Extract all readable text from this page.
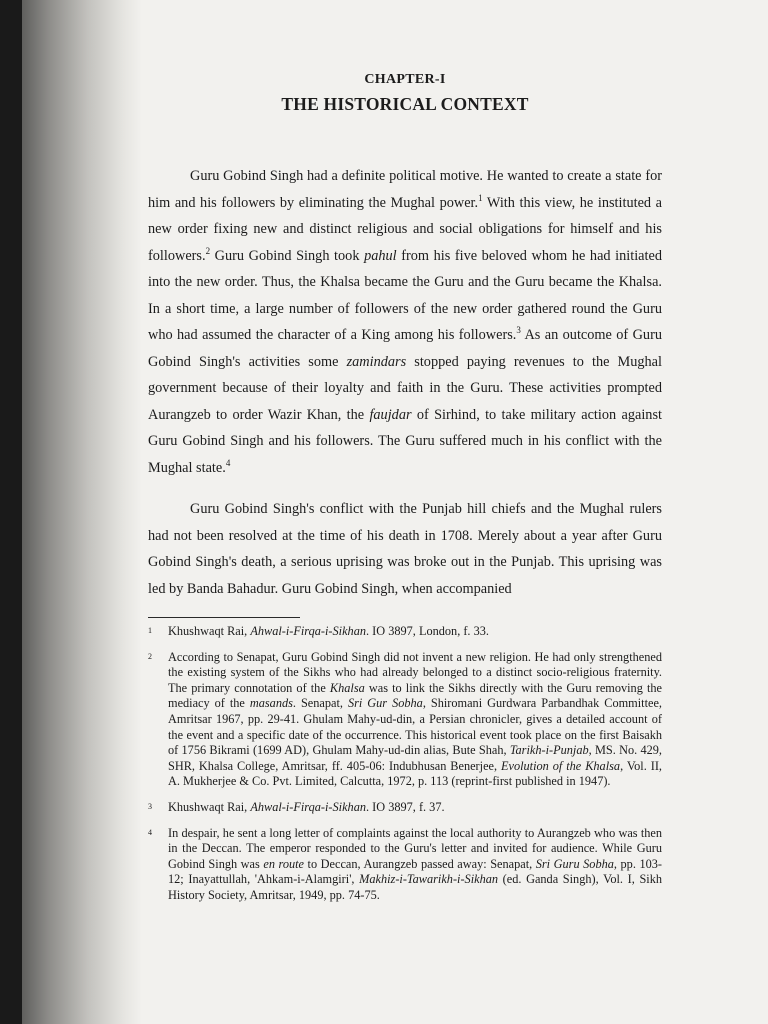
CHAPTER-I
THE HISTORICAL CONTEXT

Guru Gobind Singh had a definite political motive. He wanted to create a state for him and his followers by eliminating the Mughal power.$^1$ With this view, he instituted a new order fixing new and distinct religious and social obligations for himself and his followers.$^2$ Guru Gobind Singh took pahul from his five beloved whom he had initiated into the new order. Thus, the Khalsa became the Guru and the Guru became the Khalsa. In a short time, a large number of followers of the new order gathered round the Guru who had assumed the character of a King among his followers.$^3$ As an outcome of Guru Gobind Singh's activities some zamindars stopped paying revenues to the Mughal government because of their loyalty and faith in the Guru. These activities prompted Aurangzeb to order Wazir Khan, the faujdar of Sirhind, to take military action against Guru Gobind Singh and his followers. The Guru suffered much in his conflict with the Mughal state.$^4$

Guru Gobind Singh's conflict with the Punjab hill chiefs and the Mughal rulers had not been resolved at the time of his death in 1708. Merely about a year after Guru Gobind Singh's death, a serious uprising was broke out in the Punjab. This uprising was led by Banda Bahadur. Guru Gobind Singh, when accompanied

1 Khushwaqt Rai, Ahwal-i-Firqa-i-Sikhan. IO 3897, London, f. 33.
2 According to Senapat, Guru Gobind Singh did not invent a new religion. He had only strengthened the existing system of the Sikhs who had already belonged to a distinct socio-religious fraternity. The primary connotation of the Khalsa was to link the Sikhs directly with the Guru removing the mediacy of the masands. Senapat, Sri Gur Sobha, Shiromani Gurdwara Parbandhak Committee, Amritsar 1967, pp. 29-41. Ghulam Mahy-ud-din, a Persian chronicler, gives a detailed account of the event and a specific date of the occurrence. This historical event took place on the first Baisakh of 1756 Bikrami (1699 AD), Ghulam Mahy-ud-din alias, Bute Shah, Tarikh-i-Punjab, MS. No. 429, SHR, Khalsa College, Amritsar, ff. 405-06: Indubhusan Benerjee, Evolution of the Khalsa, Vol. II, A. Mukherjee & Co. Pvt. Limited, Calcutta, 1972, p. 113 (reprint-first published in 1947).
3 Khushwaqt Rai, Ahwal-i-Firqa-i-Sikhan. IO 3897, f. 37.
4 In despair, he sent a long letter of complaints against the local authority to Aurangzeb who was then in the Deccan. The emperor responded to the Guru's letter and invited for audience. While Guru Gobind Singh was en route to Deccan, Aurangzeb passed away: Senapat, Sri Guru Sobha, pp. 103-12; Inayattullah, 'Ahkam-i-Alamgiri', Makhiz-i-Tawarikh-i-Sikhan (ed. Ganda Singh), Vol. I, Sikh History Society, Amritsar, 1949, pp. 74-75.
